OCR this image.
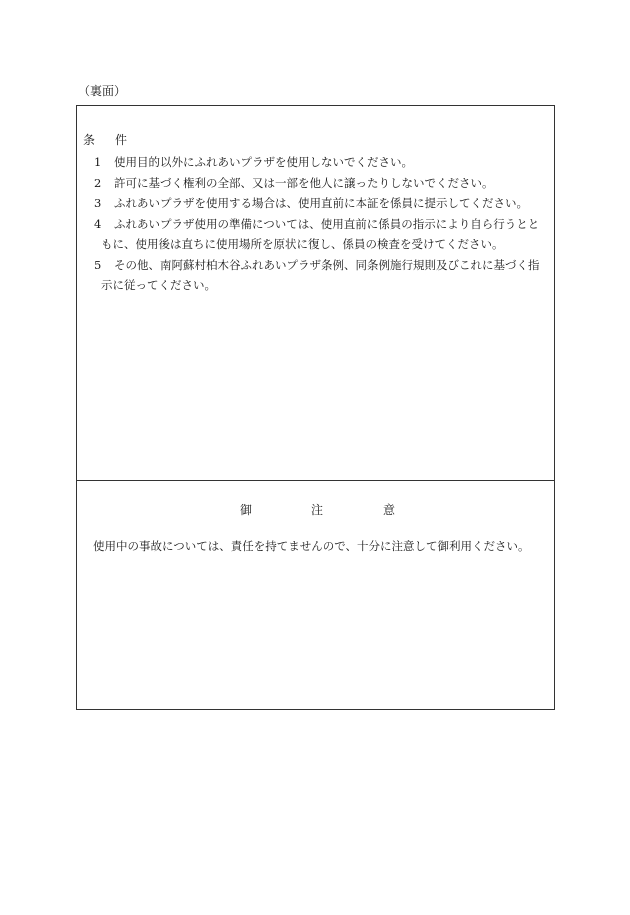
（裏面）
条 件
1 使用目的以外にふれあいプラザを使用しないでください。
2 許可に基づく権利の全部、又は一部を他人に譲ったりしないでください。
3 ふれあいプラザを使用する場合は、使用直前に本証を係員に提示してください。
4 ふれあいプラザ使用の準備については、使用直前に係員の指示により自ら行うとと
もに、使用後は直ちに使用場所を原状に復し、係員の検査を受けてください。
5 その他、南阿蘇村柏木谷ふれあいプラザ条例、同条例施行規則及びこれに基づく指
示に従ってください。
御	注	意
使用中の事故については、責任を持てませんので、十分に注意して御利用ください。
